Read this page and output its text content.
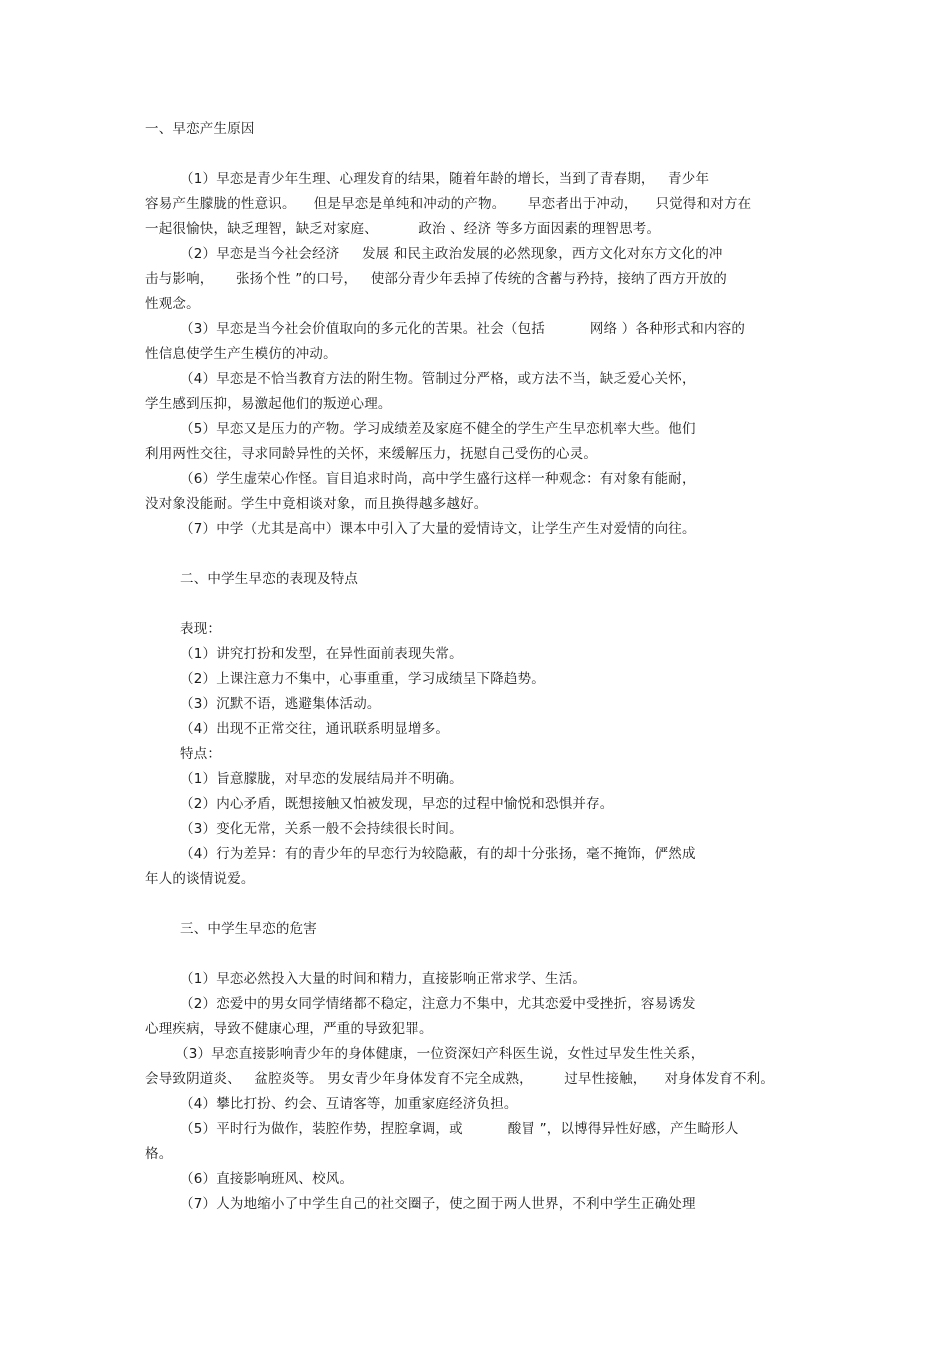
一、早恋产生原因
（1）早恋是青少年生理、心理发育的结果，随着年龄的增长，当到了青春期，   青少年
容易产生朦胧的性意识。    但是早恋是单纯和冲动的产物。     早恋者出于冲动，    只觉得和对方在
一起很愉快，缺乏理智，缺乏对家庭、         政治 、经济 等多方面因素的理智思考。
（2）早恋是当今社会经济     发展 和民主政治发展的必然现象，西方文化对东方文化的冲
击与影响，     张扬个性 ”的口号，   使部分青少年丢掉了传统的含蓄与矜持，接纳了西方开放的
性观念。
（3）早恋是当今社会价值取向的多元化的苦果。社会（包括          网络 ）各种形式和内容的
性信息使学生产生模仿的冲动。
（4）早恋是不恰当教育方法的附生物。管制过分严格，或方法不当，缺乏爱心关怀，
学生感到压抑，易激起他们的叛逆心理。
（5）早恋又是压力的产物。学习成绩差及家庭不健全的学生产生早恋机率大些。他们
利用两性交往，寻求同龄异性的关怀，来缓解压力，抚慰自己受伤的心灵。
（6）学生虚荣心作怪。盲目追求时尚，高中学生盛行这样一种观念：有对象有能耐，
没对象没能耐。学生中竟相谈对象，而且换得越多越好。
（7）中学（尤其是高中）课本中引入了大量的爱情诗文，让学生产生对爱情的向往。
二、中学生早恋的表现及特点
表现：
（1）讲究打扮和发型，在异性面前表现失常。
（2）上课注意力不集中，心事重重，学习成绩呈下降趋势。
（3）沉默不语，逃避集体活动。
（4）出现不正常交往，通讯联系明显增多。
特点：
（1）旨意朦胧，对早恋的发展结局并不明确。
（2）内心矛盾，既想接触又怕被发现，早恋的过程中愉悦和恐惧并存。
（3）变化无常，关系一般不会持续很长时间。
（4）行为差异：有的青少年的早恋行为较隐蔽，有的却十分张扬，毫不掩饰，俨然成
年人的谈情说爱。
三、中学生早恋的危害
（1）早恋必然投入大量的时间和精力，直接影响正常求学、生活。
（2）恋爱中的男女同学情绪都不稳定，注意力不集中，尤其恋爱中受挫折，容易诱发
心理疾病，导致不健康心理，严重的导致犯罪。
（3）早恋直接影响青少年的身体健康，一位资深妇产科医生说，女性过早发生性关系，
会导致阴道炎、   盆腔炎等。 男女青少年身体发育不完全成熟，       过早性接触，    对身体发育不利。
（4）攀比打扮、约会、互请客等，加重家庭经济负担。
（5）平时行为做作，装腔作势，捏腔拿调，或          酸冒 ”，以博得异性好感，产生畸形人
格。
（6）直接影响班风、校风。
（7）人为地缩小了中学生自己的社交圈子，使之囿于两人世界，不利中学生正确处理
